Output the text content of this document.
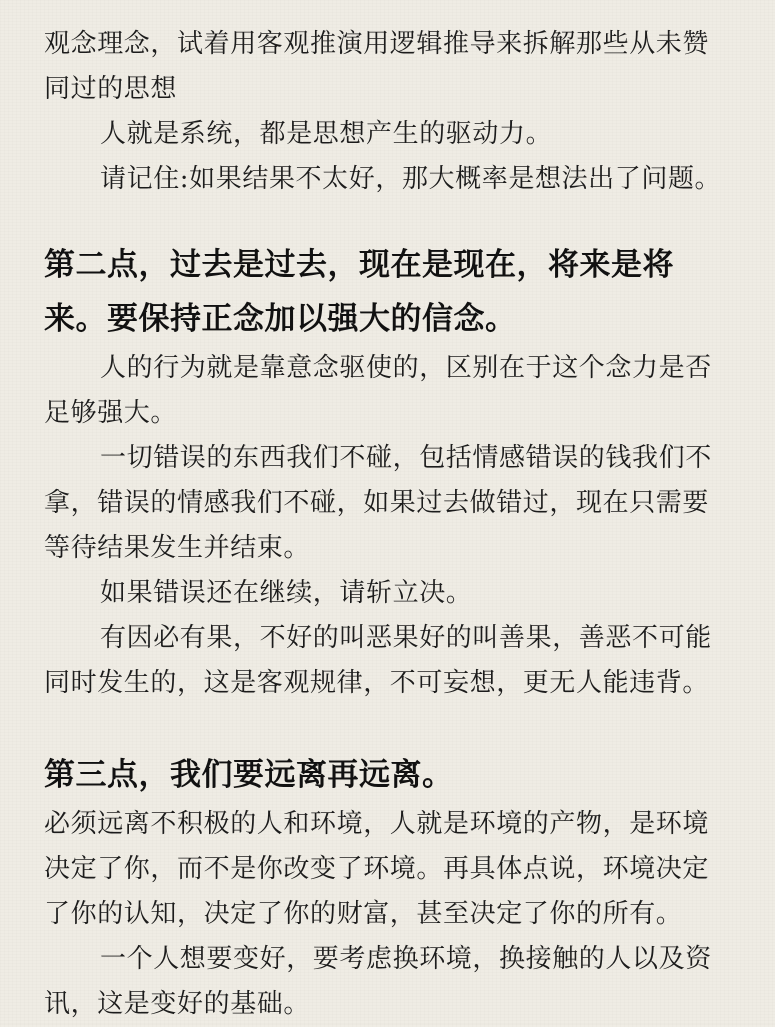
观念理念，试着用客观推演用逻辑推导来拆解那些从未赞同过的思想

人就是系统，都是思想产生的驱动力。

请记住:如果结果不太好，那大概率是想法出了问题。

第二点，过去是过去，现在是现在，将来是将来。要保持正念加以强大的信念。

人的行为就是靠意念驱使的，区别在于这个念力是否足够强大。

一切错误的东西我们不碰，包括情感错误的钱我们不拿，错误的情感我们不碰，如果过去做错过，现在只需要等待结果发生并结束。

如果错误还在继续，请斩立决。

有因必有果，不好的叫恶果好的叫善果，善恶不可能同时发生的，这是客观规律，不可妄想，更无人能违背。

第三点，我们要远离再远离。

必须远离不积极的人和环境，人就是环境的产物，是环境决定了你，而不是你改变了环境。再具体点说，环境决定了你的认知，决定了你的财富，甚至决定了你的所有。

一个人想要变好，要考虑换环境，换接触的人以及资讯，这是变好的基础。
